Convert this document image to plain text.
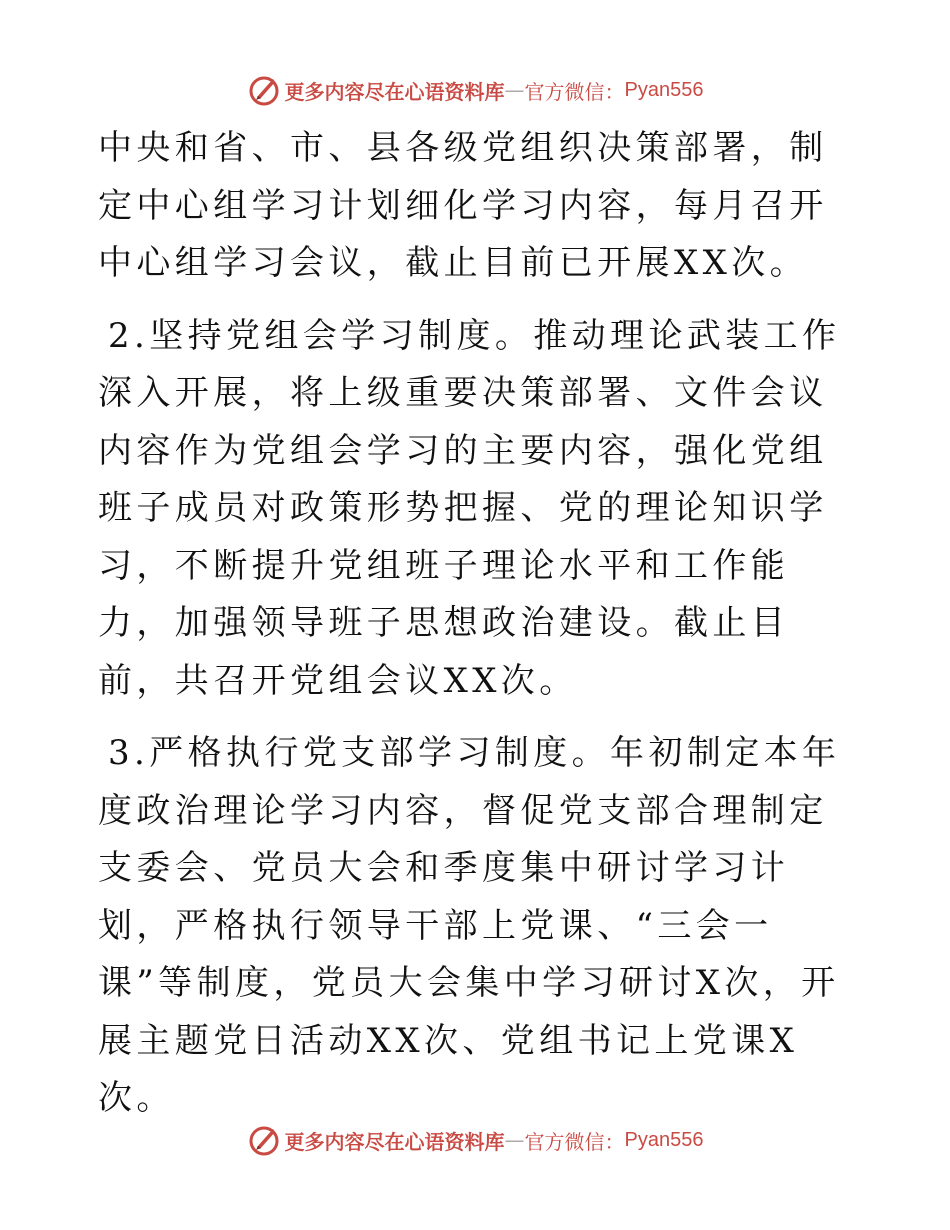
更多内容尽在心语资料库 — 官方微信： Pyan556

中央和省、市、县各级党组织决策部署，制定中心组学习计划细化学习内容，每月召开中心组学习会议，截止目前已开展XX次。

2.坚持党组会学习制度。推动理论武装工作深入开展，将上级重要决策部署、文件会议内容作为党组会学习的主要内容，强化党组班子成员对政策形势把握、党的理论知识学习，不断提升党组班子理论水平和工作能力，加强领导班子思想政治建设。截止目前，共召开党组会议XX次。

3.严格执行党支部学习制度。年初制定本年度政治理论学习内容，督促党支部合理制定支委会、党员大会和季度集中研讨学习计划，严格执行领导干部上党课、“三会一课”等制度，党员大会集中学习研讨X次，开展主题党日活动XX次、党组书记上党课X次。

更多内容尽在心语资料库 — 官方微信： Pyan556
